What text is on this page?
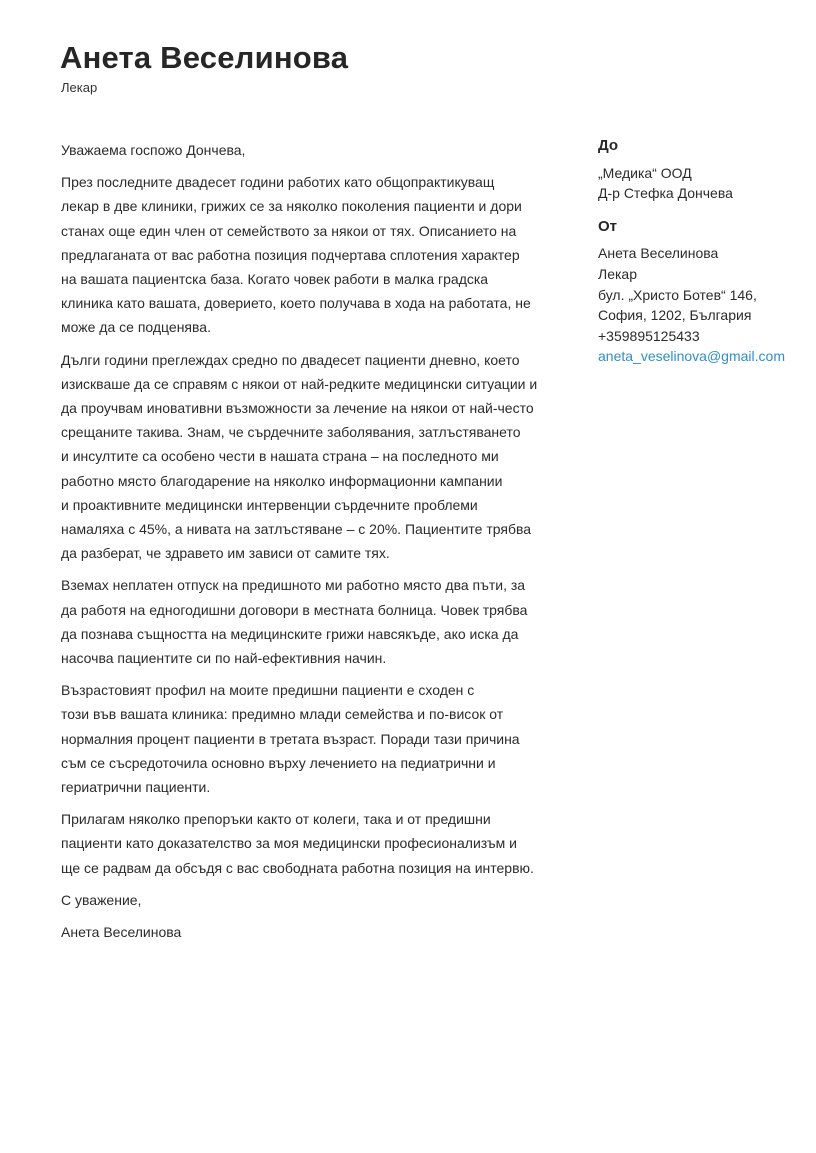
Анета Веселинова
Лекар

Уважаема госпожо Дончева,

През последните двадесет години работих като общопрактикуващ
лекар в две клиники, грижих се за няколко поколения пациенти и дори
станах още един член от семейството за някои от тях. Описанието на
предлаганата от вас работна позиция подчертава сплотения характер
на вашата пациентска база. Когато човек работи в малка градска
клиника като вашата, доверието, което получава в хода на работата, не
може да се подценява.

Дълги години преглеждах средно по двадесет пациенти дневно, което
изискваше да се справям с някои от най-редките медицински ситуации и
да проучвам иновативни възможности за лечение на някои от най-често
срещаните такива. Знам, че сърдечните заболявания, затлъстяването
и инсултите са особено чести в нашата страна – на последното ми
работно място благодарение на няколко информационни кампании
и проактивните медицински интервенции сърдечните проблеми
намаляха с 45%, а нивата на затлъстяване – с 20%. Пациентите трябва
да разберат, че здравето им зависи от самите тях.

Вземах неплатен отпуск на предишното ми работно място два пъти, за
да работя на едногодишни договори в местната болница. Човек трябва
да познава същността на медицинските грижи навсякъде, ако иска да
насочва пациентите си по най-ефективния начин.

Възрастовият профил на моите предишни пациенти е сходен с
този във вашата клиника: предимно млади семейства и по-висок от
нормалния процент пациенти в третата възраст. Поради тази причина
съм се съсредоточила основно върху лечението на педиатрични и
гериатрични пациенти.

Прилагам няколко препоръки както от колеги, така и от предишни
пациенти като доказателство за моя медицински професионализъм и
ще се радвам да обсъдя с вас свободната работна позиция на интервю.

С уважение,

Анета Веселинова

До
„Медика“ ООД
Д-р Стефка Дончева
От
Анета Веселинова
Лекар
бул. „Христо Ботев“ 146,
София, 1202, България
+359895125433
aneta_veselinova@gmail.com
